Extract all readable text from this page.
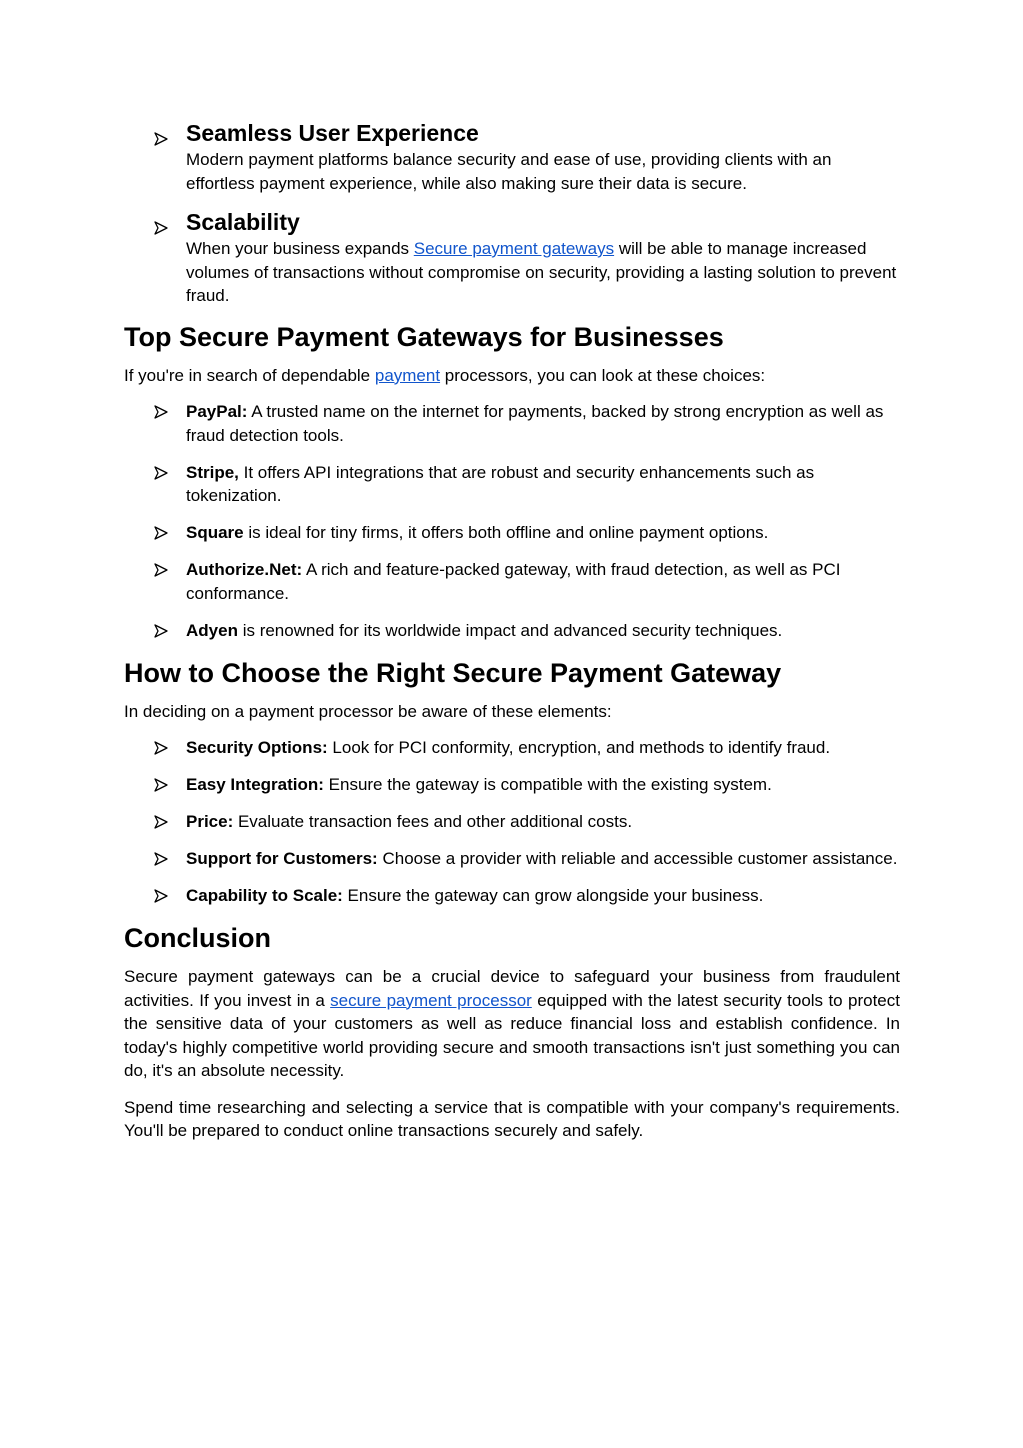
Seamless User Experience

Modern payment platforms balance security and ease of use, providing clients with an effortless payment experience, while also making sure their data is secure.

Scalability

When your business expands Secure payment gateways will be able to manage increased volumes of transactions without compromise on security, providing a lasting solution to prevent fraud.

Top Secure Payment Gateways for Businesses

If you're in search of dependable payment processors, you can look at these choices:

PayPal: A trusted name on the internet for payments, backed by strong encryption as well as fraud detection tools.
Stripe, It offers API integrations that are robust and security enhancements such as tokenization.
Square is ideal for tiny firms, it offers both offline and online payment options.
Authorize.Net: A rich and feature-packed gateway, with fraud detection, as well as PCI conformance.
Adyen is renowned for its worldwide impact and advanced security techniques.
How to Choose the Right Secure Payment Gateway

In deciding on a payment processor be aware of these elements:

Security Options: Look for PCI conformity, encryption, and methods to identify fraud.
Easy Integration: Ensure the gateway is compatible with the existing system.
Price: Evaluate transaction fees and other additional costs.
Support for Customers: Choose a provider with reliable and accessible customer assistance.
Capability to Scale: Ensure the gateway can grow alongside your business.
Conclusion

Secure payment gateways can be a crucial device to safeguard your business from fraudulent activities. If you invest in a secure payment processor equipped with the latest security tools to protect the sensitive data of your customers as well as reduce financial loss and establish confidence. In today's highly competitive world providing secure and smooth transactions isn't just something you can do, it's an absolute necessity.

Spend time researching and selecting a service that is compatible with your company's requirements. You'll be prepared to conduct online transactions securely and safely.
